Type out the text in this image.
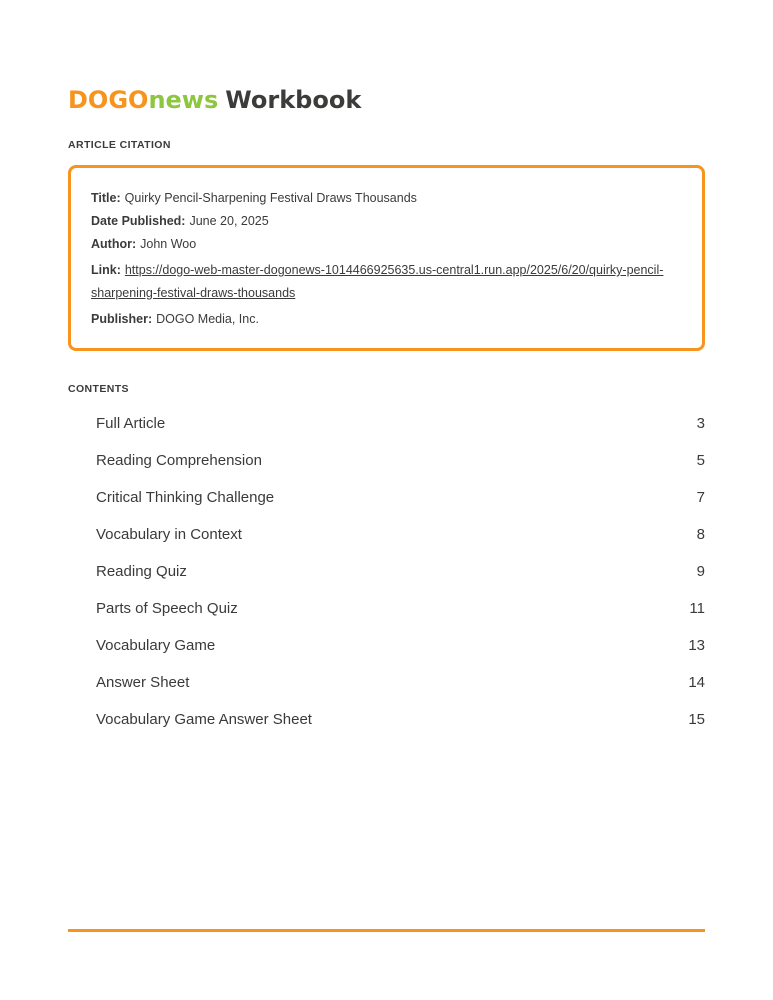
DOGOnews Workbook
ARTICLE CITATION

Title: Quirky Pencil-Sharpening Festival Draws Thousands

Date Published: June 20, 2025

Author: John Woo

Link: https://dogo-web-master-dogonews-1014466925635.us-central1.run.app/2025/6/20/quirky-pencil-sharpening-festival-draws-thousands

Publisher: DOGO Media, Inc.

CONTENTS
Full Article	3
Reading Comprehension	5
Critical Thinking Challenge	7
Vocabulary in Context	8
Reading Quiz	9
Parts of Speech Quiz	11
Vocabulary Game	13
Answer Sheet	14
Vocabulary Game Answer Sheet	15
